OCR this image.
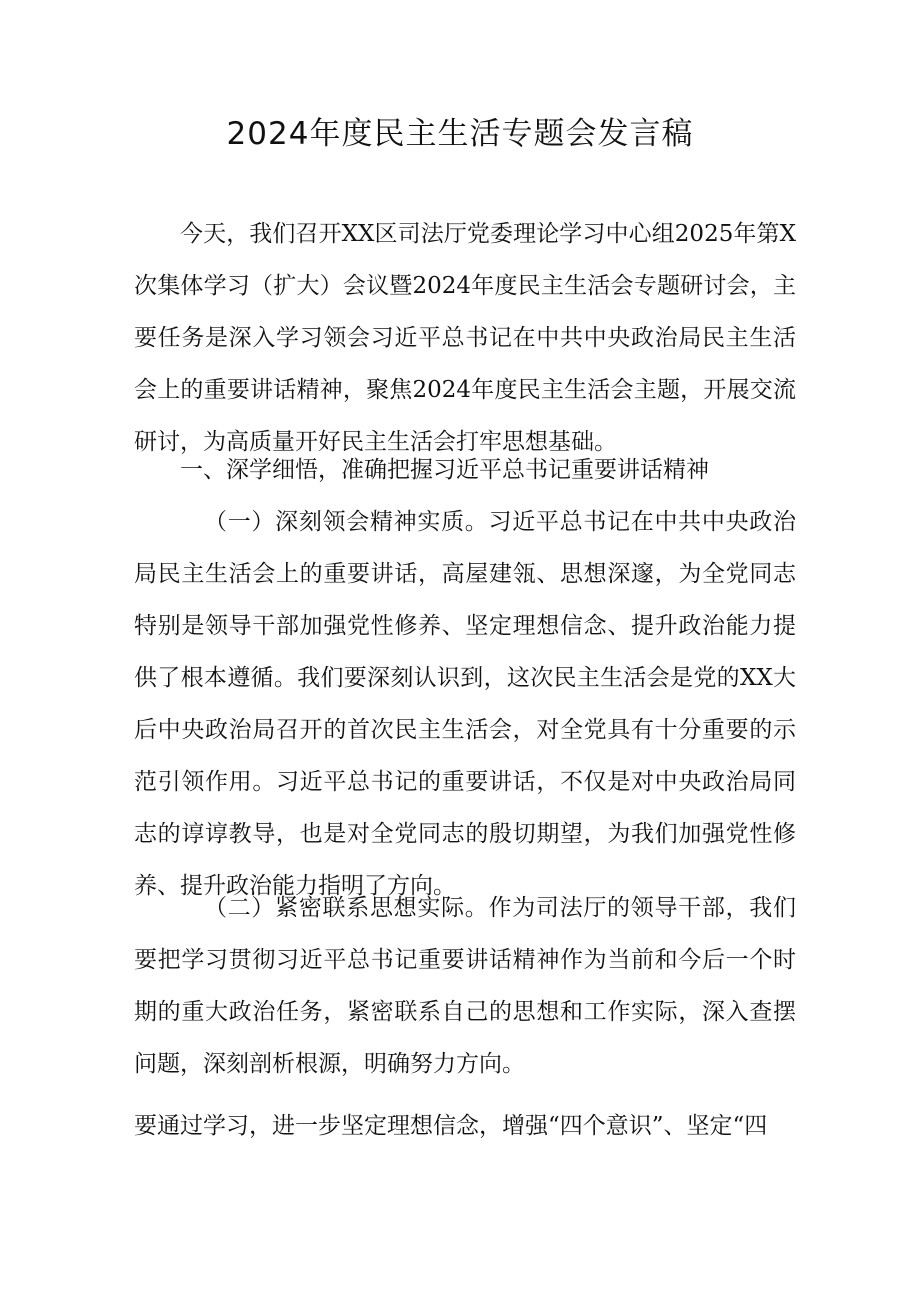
2024年度民主生活专题会发言稿

今天，我们召开XX区司法厅党委理论学习中心组2025年第X次集体学习（扩大）会议暨2024年度民主生活会专题研讨会，主要任务是深入学习领会习近平总书记在中共中央政治局民主生活会上的重要讲话精神，聚焦2024年度民主生活会主题，开展交流研讨，为高质量开好民主生活会打牢思想基础。

一、深学细悟，准确把握习近平总书记重要讲话精神

（一）深刻领会精神实质。习近平总书记在中共中央政治局民主生活会上的重要讲话，高屋建瓴、思想深邃，为全党同志特别是领导干部加强党性修养、坚定理想信念、提升政治能力提供了根本遵循。我们要深刻认识到，这次民主生活会是党的XX大后中央政治局召开的首次民主生活会，对全党具有十分重要的示范引领作用。习近平总书记的重要讲话，不仅是对中央政治局同志的谆谆教导，也是对全党同志的殷切期望，为我们加强党性修养、提升政治能力指明了方向。

（二）紧密联系思想实际。作为司法厅的领导干部，我们要把学习贯彻习近平总书记重要讲话精神作为当前和今后一个时期的重大政治任务，紧密联系自己的思想和工作实际，深入查摆问题，深刻剖析根源，明确努力方向。

要通过学习，进一步坚定理想信念，增强“四个意识”、坚定“四
